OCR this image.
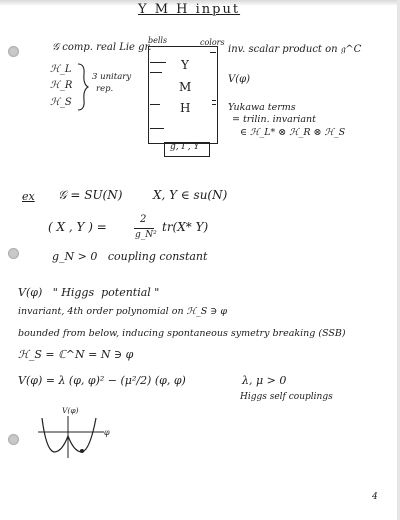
Y M H input
𝒢 comp. real Lie gr.
ℋ_L
ℋ_R
ℋ_S
3 unitary
rep.
bells	colors
Y
M
H
g, Γ, Υ
inv. scalar product on 𝔤^C
V(φ)
Yukawa terms
= trilin. invariant
∈ ℋ_L* ⊗ ℋ_R ⊗ ℋ_S
ex 𝒢 = SU(N)        X, Y ∈ su(N)
( X , Y ) =
2
g_N²
tr(X* Y)
g_N > 0   coupling constant
V(φ)   " Higgs  potential "
invariant, 4th order polynomial on ℋ_S ∋ φ
bounded from below, inducing spontaneous symetry breaking (SSB)
ℋ_S = ℂ^N = N ∋ φ
V(φ) = λ (φ, φ)² − (μ²/2) (φ, φ)	λ, μ > 0
Higgs self couplings
V(φ)
φ
4
